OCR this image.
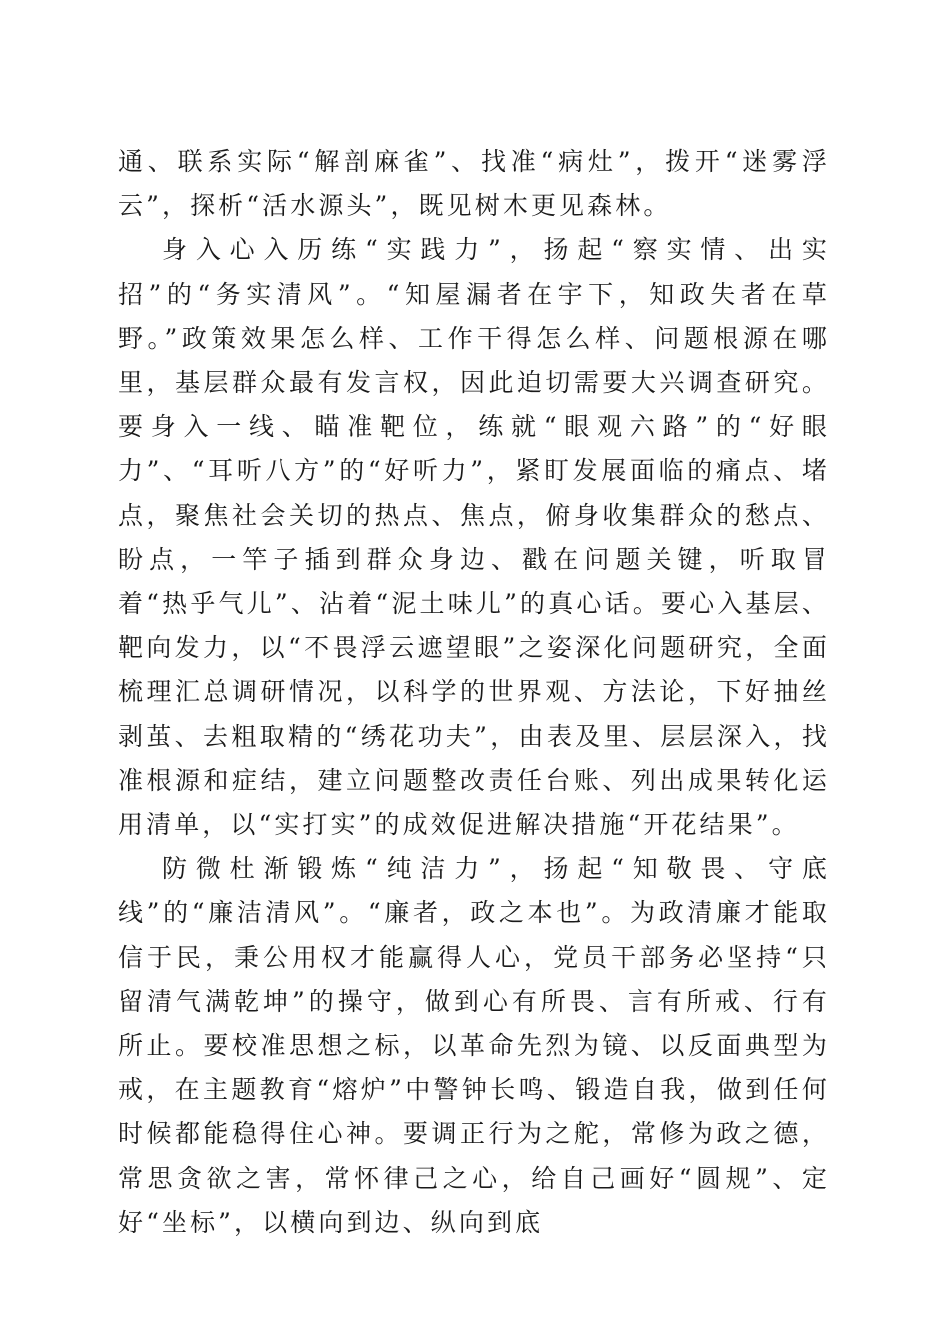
通、联系实际“解剖麻雀”、找准“病灶”，拨开“迷雾浮云”，探析“活水源头”，既见树木更见森林。

身入心入历练“实践力”，扬起“察实情、出实招”的“务实清风”。“知屋漏者在宇下，知政失者在草野。”政策效果怎么样、工作干得怎么样、问题根源在哪里，基层群众最有发言权，因此迫切需要大兴调查研究。要身入一线、瞄准靶位，练就“眼观六路”的“好眼力”、“耳听八方”的“好听力”，紧盯发展面临的痛点、堵点，聚焦社会关切的热点、焦点，俯身收集群众的愁点、盼点，一竿子插到群众身边、戳在问题关键，听取冒着“热乎气儿”、沾着“泥土味儿”的真心话。要心入基层、靶向发力，以“不畏浮云遮望眼”之姿深化问题研究，全面梳理汇总调研情况，以科学的世界观、方法论，下好抽丝剥茧、去粗取精的“绣花功夫”，由表及里、层层深入，找准根源和症结，建立问题整改责任台账、列出成果转化运用清单，以“实打实”的成效促进解决措施“开花结果”。

防微杜渐锻炼“纯洁力”，扬起“知敬畏、守底线”的“廉洁清风”。“廉者，政之本也”。为政清廉才能取信于民，秉公用权才能赢得人心，党员干部务必坚持“只留清气满乾坤”的操守，做到心有所畏、言有所戒、行有所止。要校准思想之标，以革命先烈为镜、以反面典型为戒，在主题教育“熔炉”中警钟长鸣、锻造自我，做到任何时候都能稳得住心神。要调正行为之舵，常修为政之德，常思贪欲之害，常怀律己之心，给自己画好“圆规”、定好“坐标”，以横向到边、纵向到底
